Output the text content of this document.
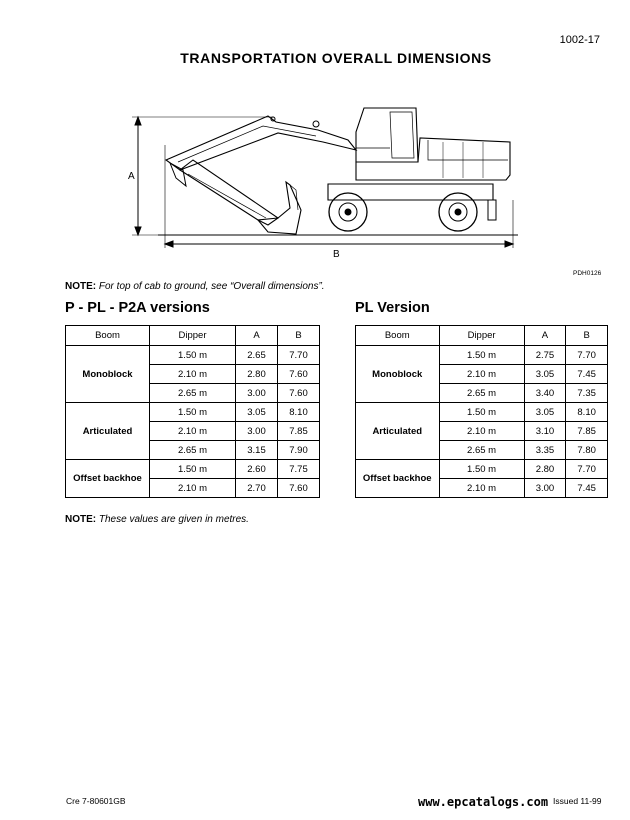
1002-17
TRANSPORTATION OVERALL DIMENSIONS
A
B
PDH0126
NOTE: For top of cab to ground, see “Overall dimensions”.
P - PL - P2A versions	PL Version
Boom	Dipper	A	B
Monoblock	1.50 m	2.65	7.70
	2.10 m	2.80	7.60
	2.65 m	3.00	7.60
Articulated	1.50 m	3.05	8.10
	2.10 m	3.00	7.85
	2.65 m	3.15	7.90
Offset backhoe	1.50 m	2.60	7.75
	2.10 m	2.70	7.60
Boom	Dipper	A	B
Monoblock	1.50 m	2.75	7.70
	2.10 m	3.05	7.45
	2.65 m	3.40	7.35
Articulated	1.50 m	3.05	8.10
	2.10 m	3.10	7.85
	2.65 m	3.35	7.80
Offset backhoe	1.50 m	2.80	7.70
	2.10 m	3.00	7.45
NOTE: These values are given in metres.
Cre 7-80601GB	www.epcatalogs.com Issued 11-99
